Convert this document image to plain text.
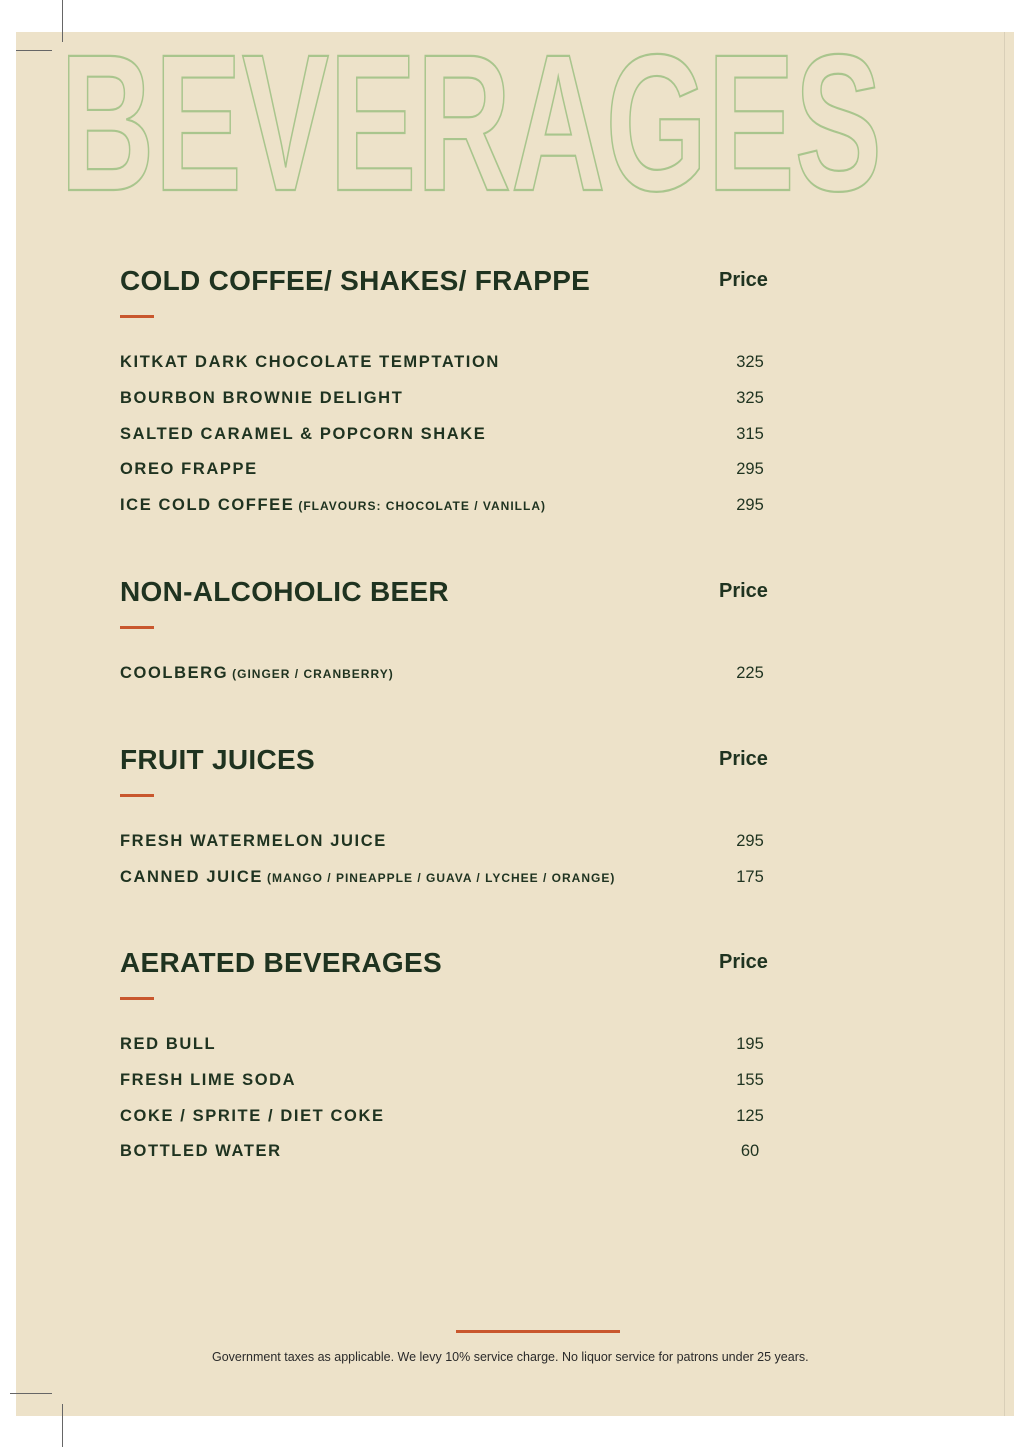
BEVERAGES
COLD COFFEE/ SHAKES/ FRAPPE	Price
KITKAT DARK CHOCOLATE TEMPTATION	325
BOURBON BROWNIE DELIGHT	325
SALTED CARAMEL & POPCORN SHAKE	315
OREO FRAPPE	295
ICE COLD COFFEE (FLAVOURS: CHOCOLATE / VANILLA)	295
NON-ALCOHOLIC BEER	Price
COOLBERG (GINGER / CRANBERRY)	225
FRUIT JUICES	Price
FRESH WATERMELON JUICE	295
CANNED JUICE (MANGO / PINEAPPLE / GUAVA / LYCHEE / ORANGE)	175
AERATED BEVERAGES	Price
RED BULL	195
FRESH LIME SODA	155
COKE / SPRITE / DIET COKE	125
BOTTLED WATER	60
Government taxes as applicable. We levy 10% service charge. No liquor service for patrons under 25 years.
